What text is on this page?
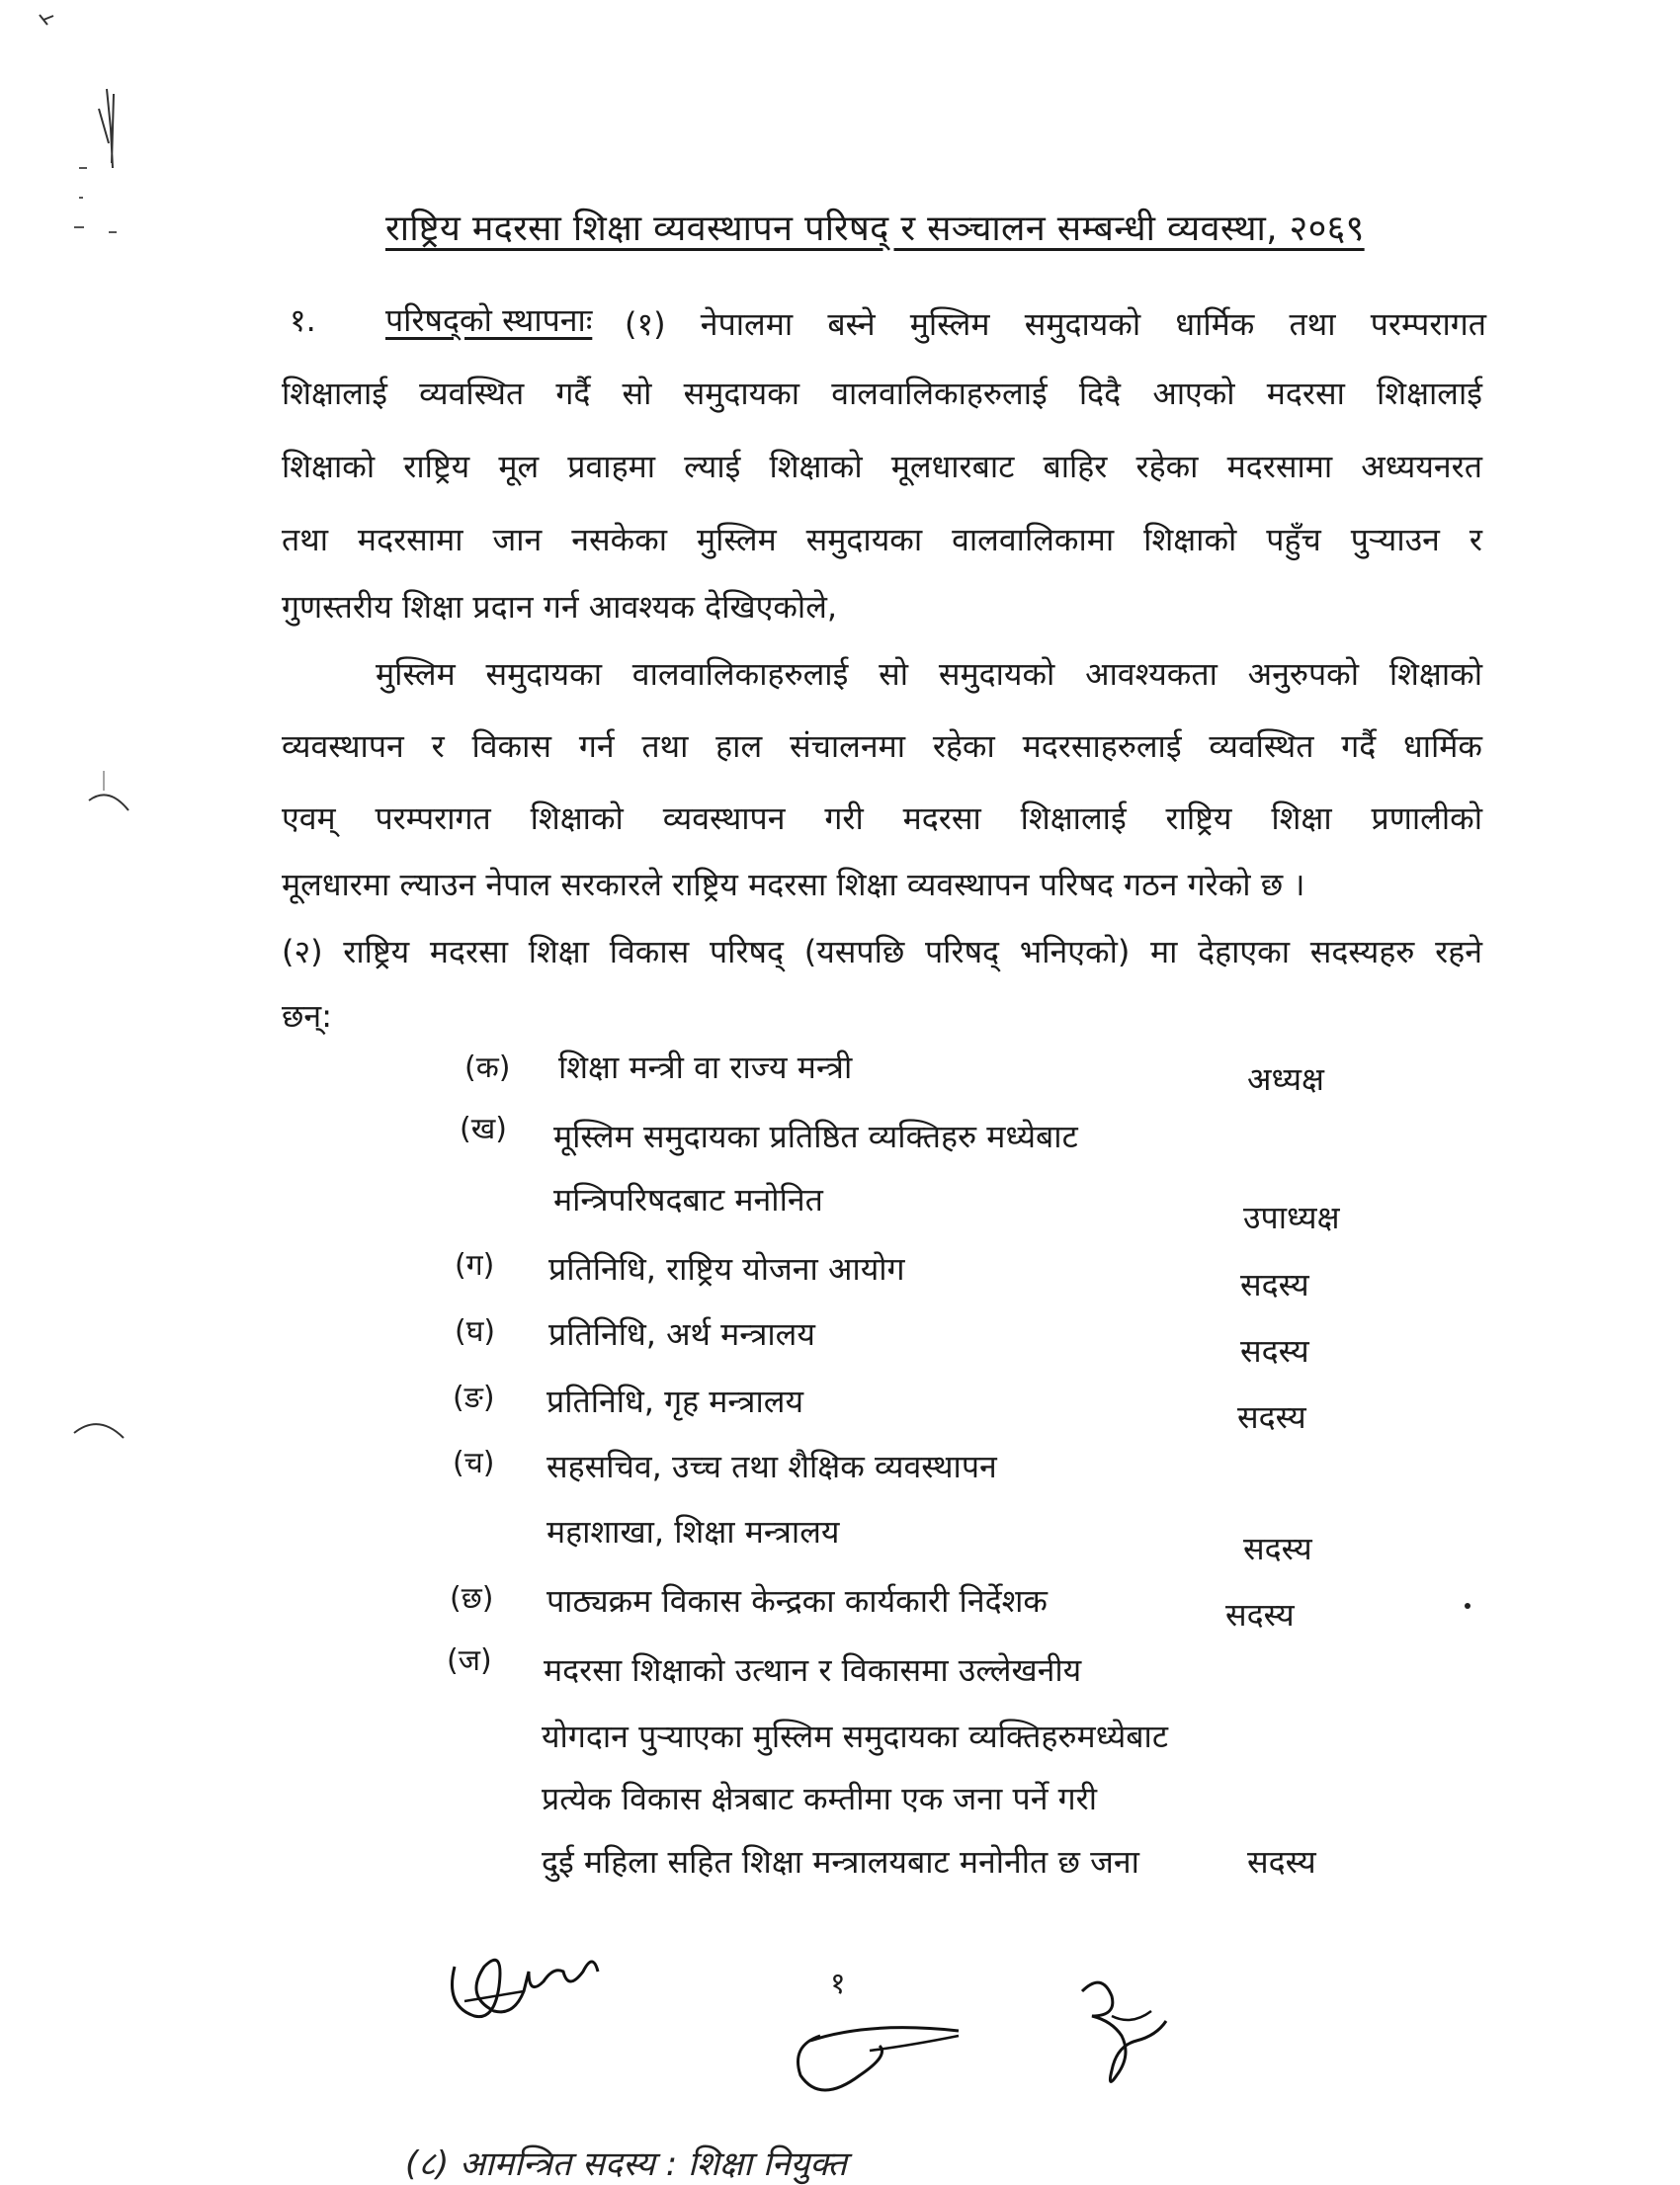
राष्ट्रिय मदरसा शिक्षा व्यवस्थापन परिषद् र सञ्चालन सम्बन्धी व्यवस्था, २०६९
१. परिषद्को स्थापनाः (१) नेपालमा बस्ने मुस्लिम समुदायको धार्मिक तथा परम्परागत
शिक्षालाई व्यवस्थित गर्दै सो समुदायका वालवालिकाहरुलाई दिदै आएको मदरसा शिक्षालाई
शिक्षाको राष्ट्रिय मूल प्रवाहमा ल्याई शिक्षाको मूलधारबाट बाहिर रहेका मदरसामा अध्ययनरत
तथा मदरसामा जान नसकेका मुस्लिम समुदायका वालवालिकामा शिक्षाको पहुँच पुऱ्याउन र
गुणस्तरीय शिक्षा प्रदान गर्न आवश्यक देखिएकोले,
मुस्लिम समुदायका वालवालिकाहरुलाई सो समुदायको आवश्यकता अनुरुपको शिक्षाको
व्यवस्थापन र विकास गर्न तथा हाल संचालनमा रहेका मदरसाहरुलाई व्यवस्थित गर्दै धार्मिक
एवम् परम्परागत शिक्षाको व्यवस्थापन गरी मदरसा शिक्षालाई राष्ट्रिय शिक्षा प्रणालीको
मूलधारमा ल्याउन नेपाल सरकारले राष्ट्रिय मदरसा शिक्षा व्यवस्थापन परिषद गठन गरेको छ ।
(२) राष्ट्रिय मदरसा शिक्षा विकास परिषद् (यसपछि परिषद् भनिएको) मा देहाएका सदस्यहरु रहने
छन्:
(क) शिक्षा मन्त्री वा राज्य मन्त्री	अध्यक्ष
(ख) मूस्लिम समुदायका प्रतिष्ठित व्यक्तिहरु मध्येबाट
मन्त्रिपरिषदबाट मनोनित	उपाध्यक्ष
(ग) प्रतिनिधि, राष्ट्रिय योजना आयोग	सदस्य
(घ) प्रतिनिधि, अर्थ मन्त्रालय	सदस्य
(ङ) प्रतिनिधि, गृह मन्त्रालय	सदस्य
(च) सहसचिव, उच्च तथा शैक्षिक व्यवस्थापन
महाशाखा, शिक्षा मन्त्रालय	सदस्य
(छ) पाठ्यक्रम विकास केन्द्रका कार्यकारी निर्देशक	सदस्य
(ज) मदरसा शिक्षाको उत्थान र विकासमा उल्लेखनीय
योगदान पुऱ्याएका मुस्लिम समुदायका व्यक्तिहरुमध्येबाट
प्रत्येक विकास क्षेत्रबाट कम्तीमा एक जना पर्ने गरी
दुई महिला सहित शिक्षा मन्त्रालयबाट मनोनीत छ जना	सदस्य
१
(८) आमन्त्रित सदस्य : शिक्षा नियुक्त
